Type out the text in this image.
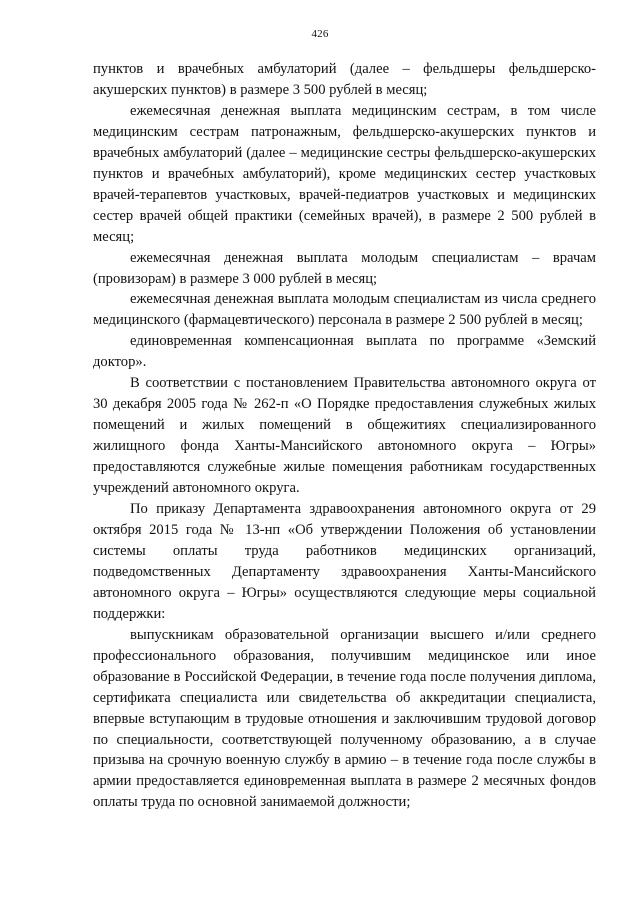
426

пунктов и врачебных амбулаторий (далее – фельдшеры фельдшерско-акушерских пунктов) в размере 3 500 рублей в месяц;

ежемесячная денежная выплата медицинским сестрам, в том числе медицинским сестрам патронажным, фельдшерско-акушерских пунктов и врачебных амбулаторий (далее – медицинские сестры фельдшерско-акушерских пунктов и врачебных амбулаторий), кроме медицинских сестер участковых врачей-терапевтов участковых, врачей-педиатров участковых и медицинских сестер врачей общей практики (семейных врачей), в размере 2 500 рублей в месяц;

ежемесячная денежная выплата молодым специалистам – врачам (провизорам) в размере 3 000 рублей в месяц;

ежемесячная денежная выплата молодым специалистам из числа среднего медицинского (фармацевтического) персонала в размере 2 500 рублей в месяц;

единовременная компенсационная выплата по программе «Земский доктор».

В соответствии с постановлением Правительства автономного округа от 30 декабря 2005 года № 262-п «О Порядке предоставления служебных жилых помещений и жилых помещений в общежитиях специализированного жилищного фонда Ханты-Мансийского автономного округа – Югры» предоставляются служебные жилые помещения работникам государственных учреждений автономного округа.

По приказу Департамента здравоохранения автономного округа от 29 октября 2015 года № 13-нп «Об утверждении Положения об установлении системы оплаты труда работников медицинских организаций, подведомственных Департаменту здравоохранения Ханты-Мансийского автономного округа – Югры» осуществляются следующие меры социальной поддержки:

выпускникам образовательной организации высшего и/или среднего профессионального образования, получившим медицинское или иное образование в Российской Федерации, в течение года после получения диплома, сертификата специалиста или свидетельства об аккредитации специалиста, впервые вступающим в трудовые отношения и заключившим трудовой договор по специальности, соответствующей полученному образованию, а в случае призыва на срочную военную службу в армию – в течение года после службы в армии предоставляется единовременная выплата в размере 2 месячных фондов оплаты труда по основной занимаемой должности;
